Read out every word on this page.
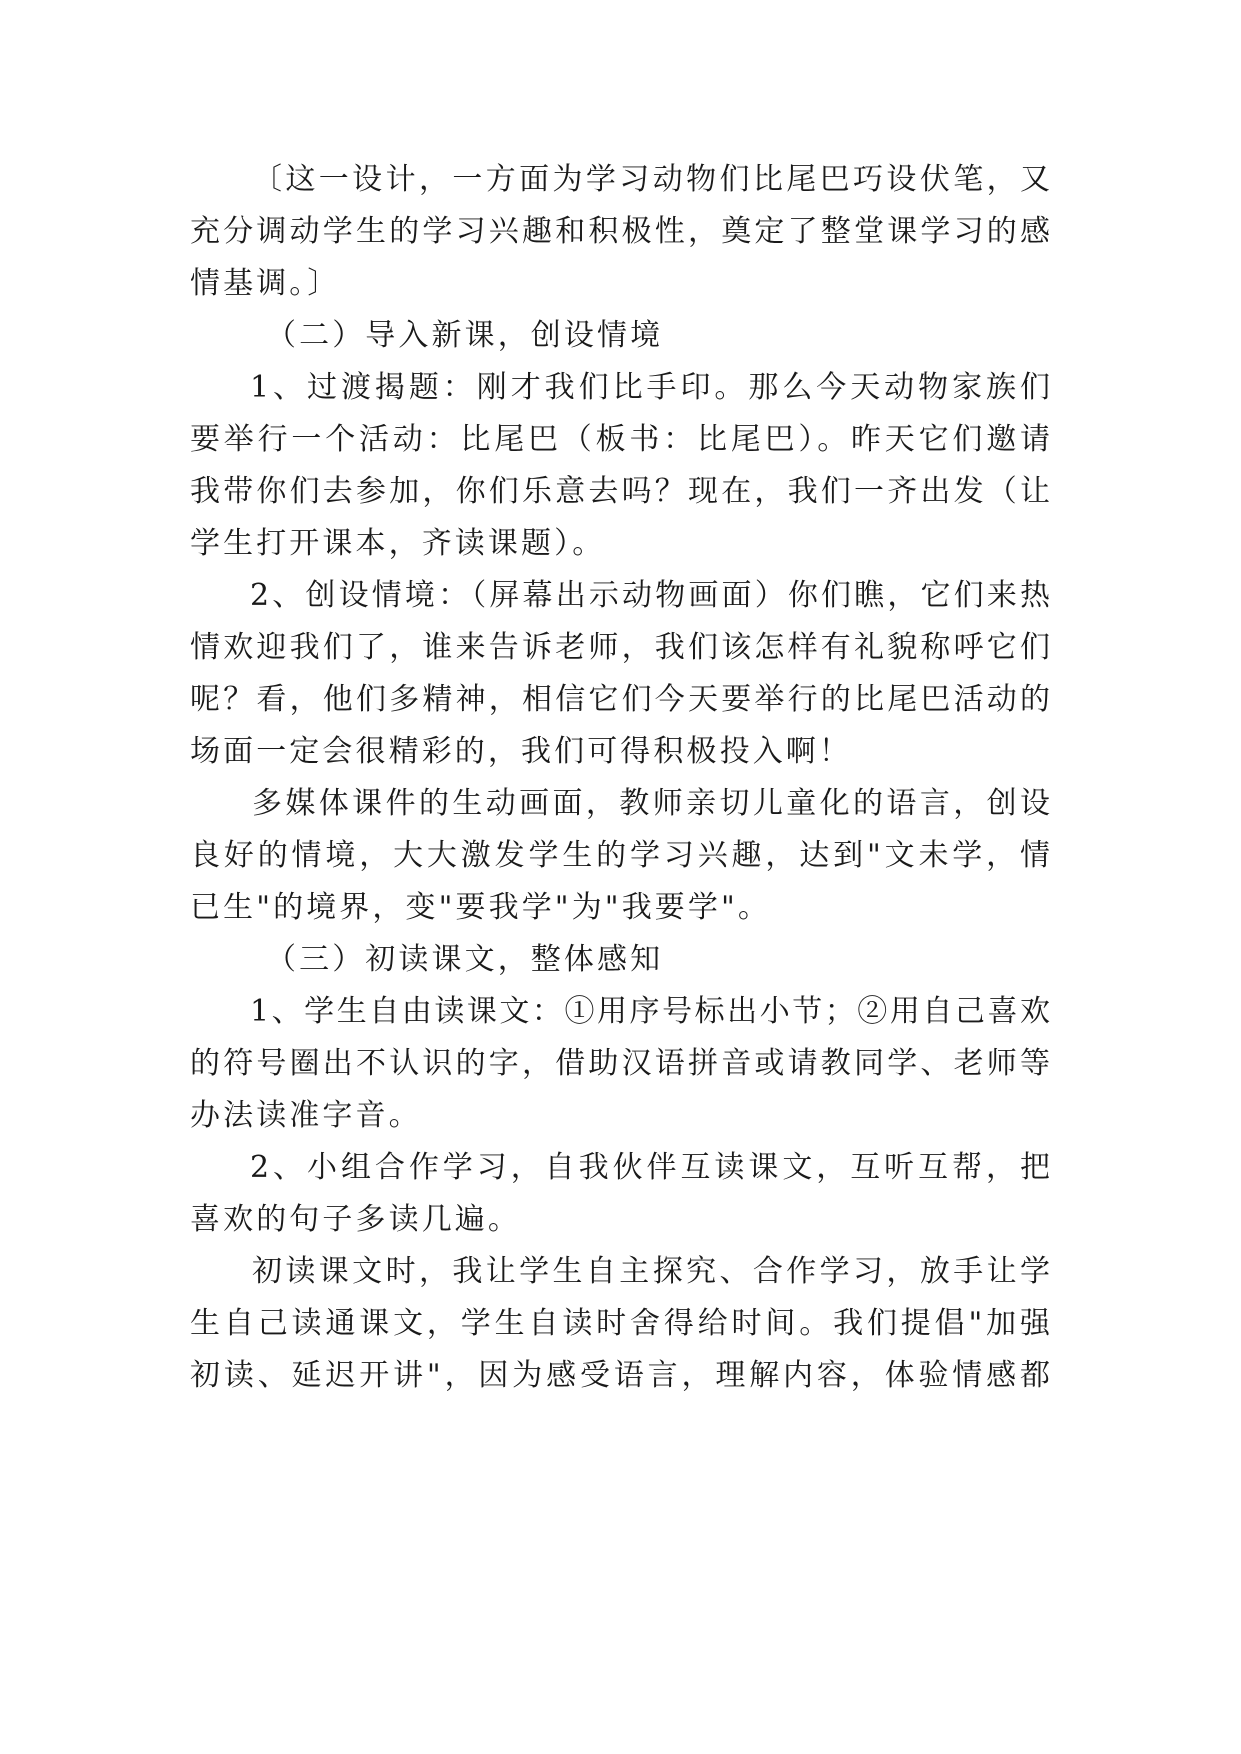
〔这一设计，一方面为学习动物们比尾巴巧设伏笔，又
充分调动学生的学习兴趣和积极性，奠定了整堂课学习的感
情基调。〕
（二）导入新课，创设情境
1、过渡揭题：刚才我们比手印。那么今天动物家族们
要举行一个活动：比尾巴（板书：比尾巴）。昨天它们邀请
我带你们去参加，你们乐意去吗？现在，我们一齐出发（让
学生打开课本，齐读课题）。
2、创设情境：（屏幕出示动物画面）你们瞧，它们来热
情欢迎我们了，谁来告诉老师，我们该怎样有礼貌称呼它们
呢？看，他们多精神，相信它们今天要举行的比尾巴活动的
场面一定会很精彩的，我们可得积极投入啊！
多媒体课件的生动画面，教师亲切儿童化的语言，创设
良好的情境，大大激发学生的学习兴趣，达到"文未学，情
已生"的境界，变"要我学"为"我要学"。
（三）初读课文，整体感知
1、学生自由读课文：①用序号标出小节；②用自己喜欢
的符号圈出不认识的字，借助汉语拼音或请教同学、老师等
办法读准字音。
2、小组合作学习，自我伙伴互读课文，互听互帮，把
喜欢的句子多读几遍。
初读课文时，我让学生自主探究、合作学习，放手让学
生自己读通课文，学生自读时舍得给时间。我们提倡"加强
初读、延迟开讲"，因为感受语言，理解内容，体验情感都
